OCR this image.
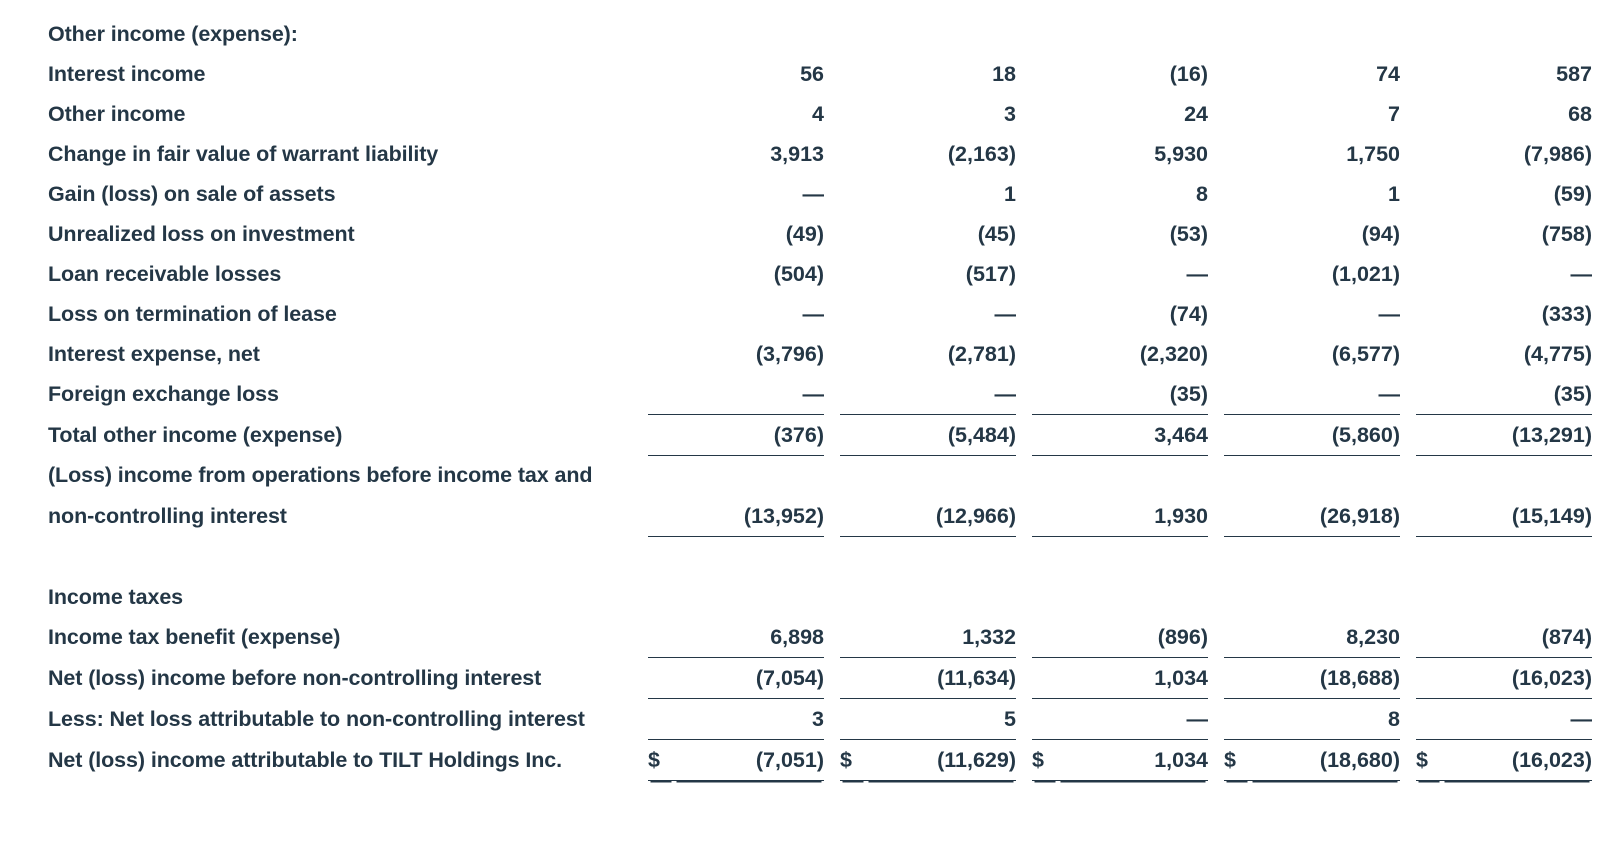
Other income (expense):														
Interest income		56			18			(16)			74			587
Other income		4			3			24			7			68
Change in fair value of warrant liability		3,913			(2,163)			5,930			1,750			(7,986)
Gain (loss) on sale of assets		—			1			8			1			(59)
Unrealized loss on investment		(49)			(45)			(53)			(94)			(758)
Loan receivable losses		(504)			(517)			—			(1,021)			—
Loss on termination of lease		—			—			(74)			—			(333)
Interest expense, net		(3,796)			(2,781)			(2,320)			(6,577)			(4,775)
Foreign exchange loss		—			—			(35)			—			(35)
Total other income (expense)		(376)			(5,484)			3,464			(5,860)			(13,291)
(Loss) income from operations before income tax and														
non-controlling interest		(13,952)			(12,966)			1,930			(26,918)			(15,149)

Income taxes														
Income tax benefit (expense)		6,898			1,332			(896)			8,230			(874)
Net (loss) income before non-controlling interest		(7,054)			(11,634)			1,034			(18,688)			(16,023)
Less: Net loss attributable to non-controlling interest		3			5			—			8			—
Net (loss) income attributable to TILT Holdings Inc.	$	(7,051)		$	(11,629)		$	1,034		$	(18,680)		$	(16,023)
